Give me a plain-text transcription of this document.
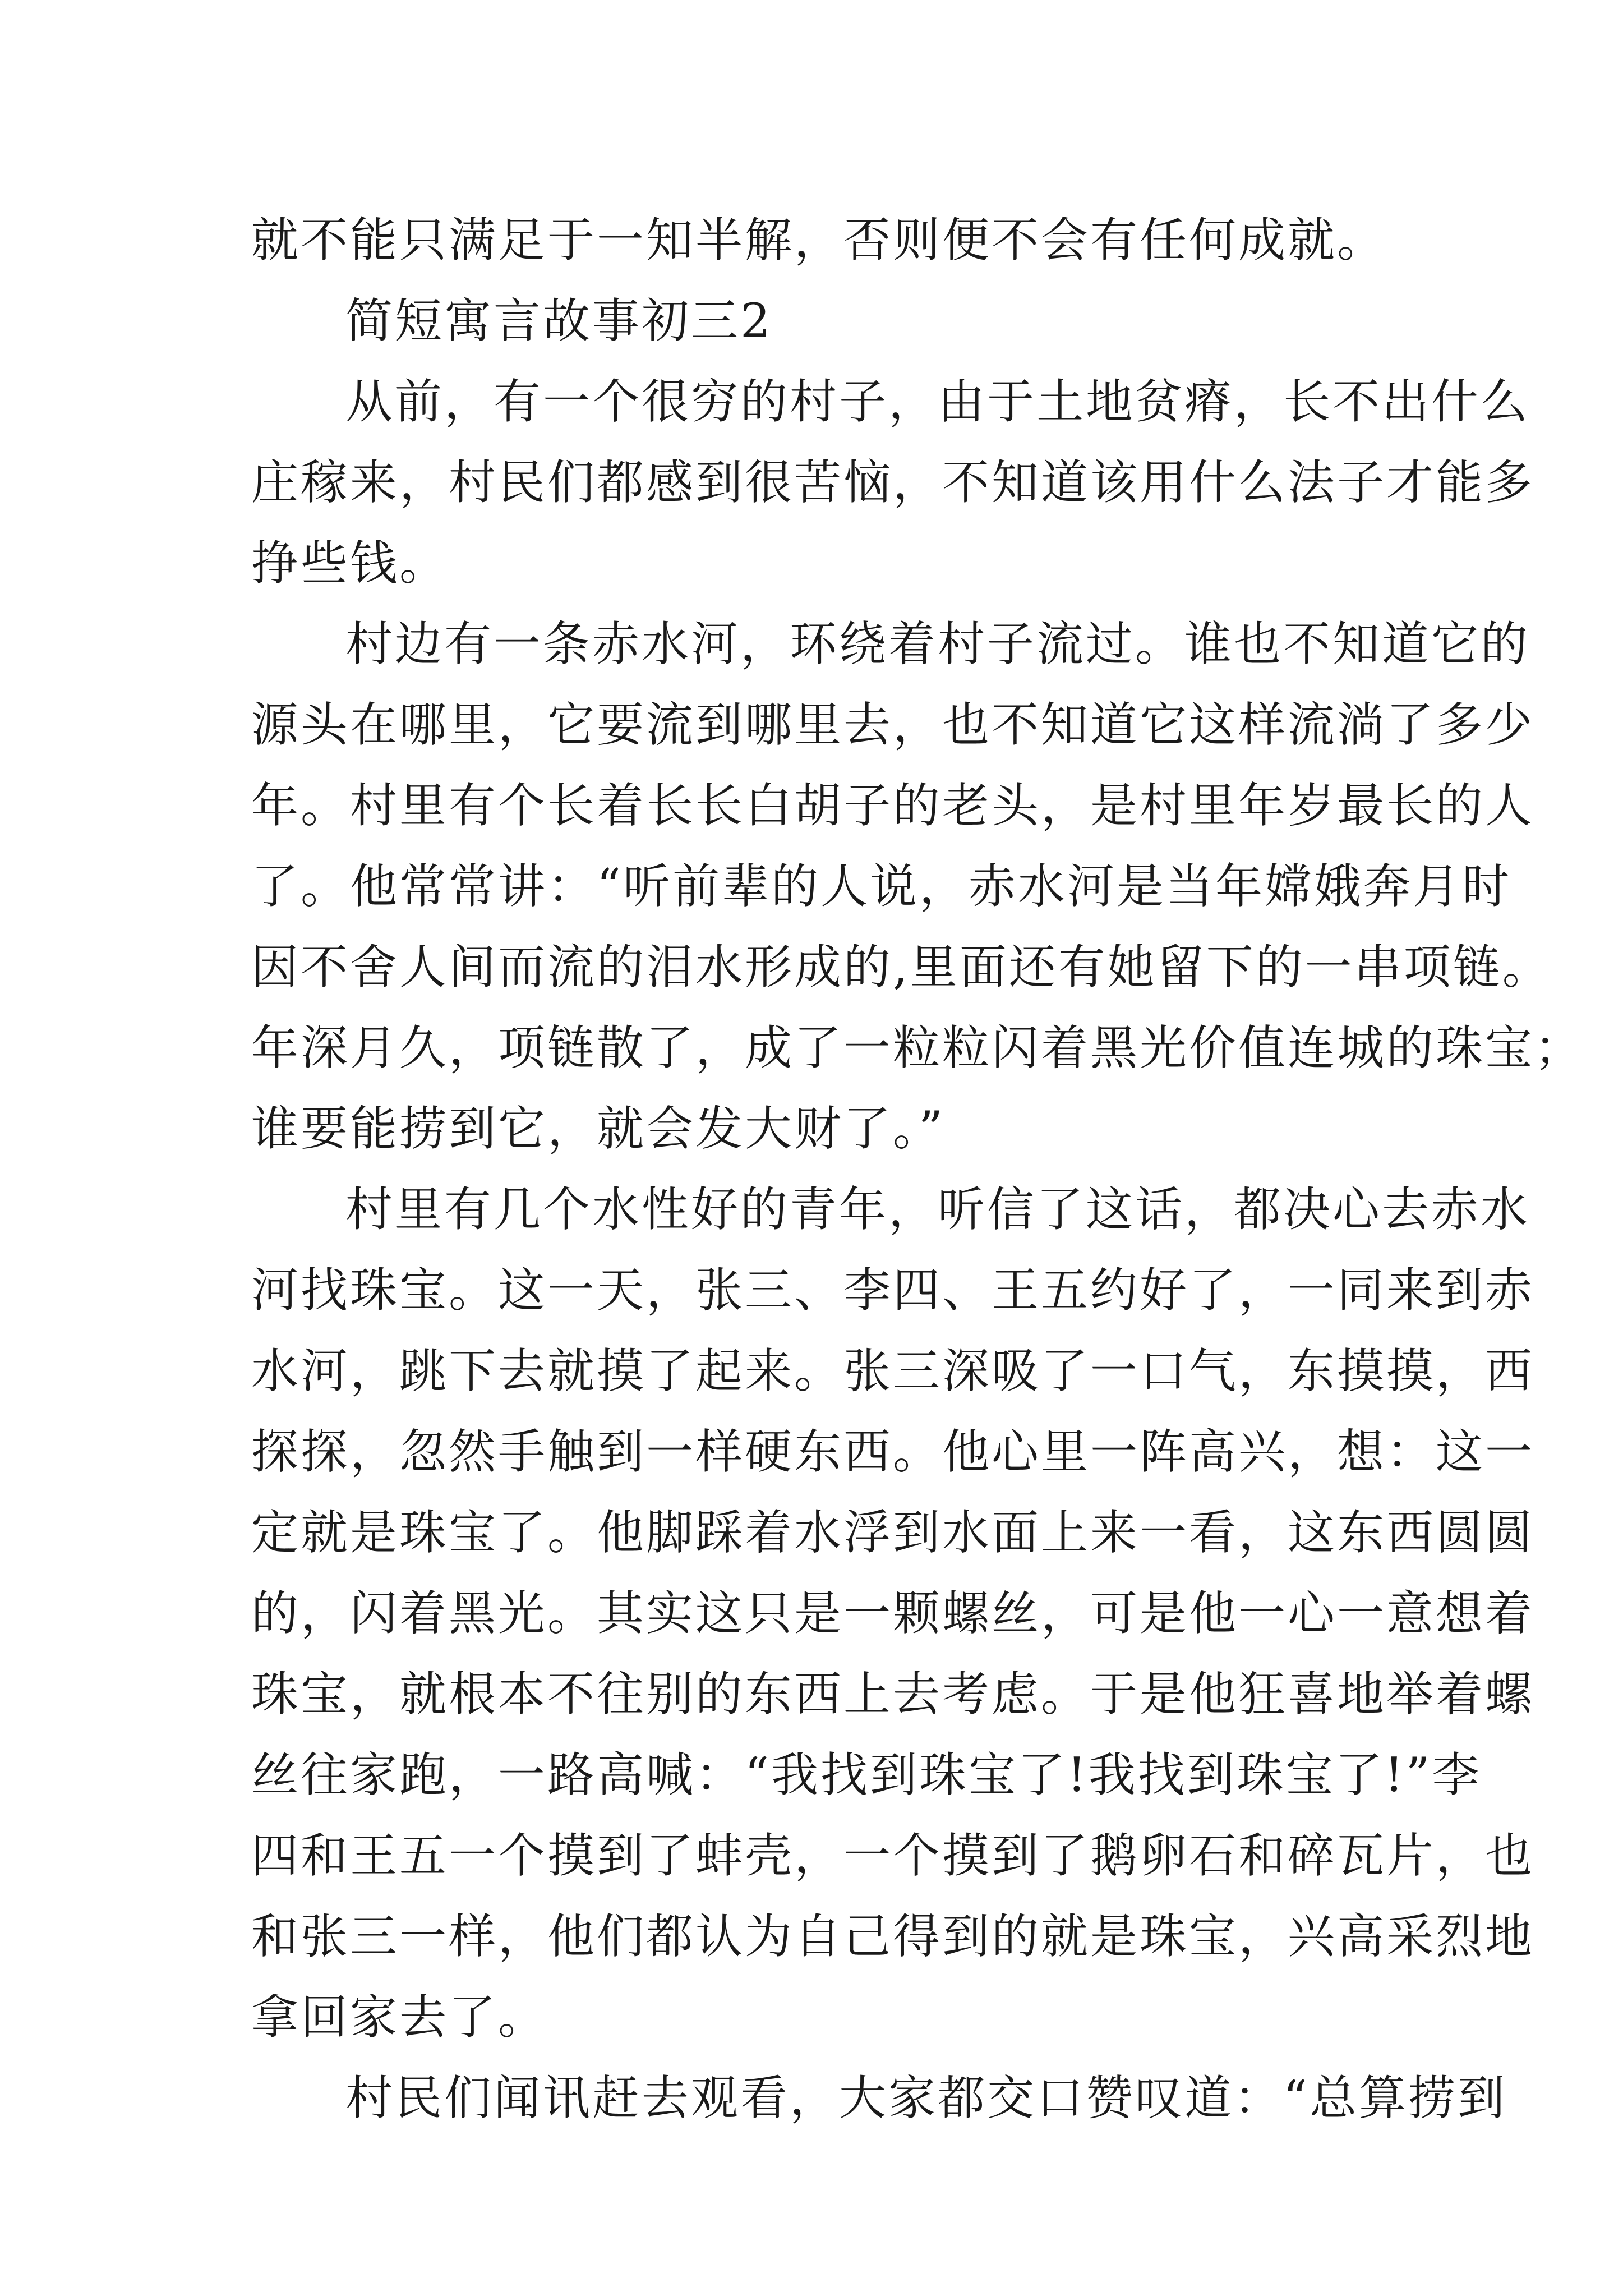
就不能只满足于一知半解，否则便不会有任何成就。
简短寓言故事初三2
从前，有一个很穷的村子，由于土地贫瘠，长不出什么
庄稼来，村民们都感到很苦恼，不知道该用什么法子才能多
挣些钱。
村边有一条赤水河，环绕着村子流过。谁也不知道它的
源头在哪里，它要流到哪里去，也不知道它这样流淌了多少
年。村里有个长着长长白胡子的老头，是村里年岁最长的人
了。他常常讲：“听前辈的人说，赤水河是当年嫦娥奔月时
因不舍人间而流的泪水形成的,里面还有她留下的一串项链。
年深月久，项链散了，成了一粒粒闪着黑光价值连城的珠宝；
谁要能捞到它，就会发大财了。”
村里有几个水性好的青年，听信了这话，都决心去赤水
河找珠宝。这一天，张三、李四、王五约好了，一同来到赤
水河，跳下去就摸了起来。张三深吸了一口气，东摸摸，西
探探，忽然手触到一样硬东西。他心里一阵高兴，想：这一
定就是珠宝了。他脚踩着水浮到水面上来一看，这东西圆圆
的，闪着黑光。其实这只是一颗螺丝，可是他一心一意想着
珠宝，就根本不往别的东西上去考虑。于是他狂喜地举着螺
丝往家跑，一路高喊：“我找到珠宝了!我找到珠宝了!”李
四和王五一个摸到了蚌壳，一个摸到了鹅卵石和碎瓦片，也
和张三一样，他们都认为自己得到的就是珠宝，兴高采烈地
拿回家去了。
村民们闻讯赶去观看，大家都交口赞叹道：“总算捞到
